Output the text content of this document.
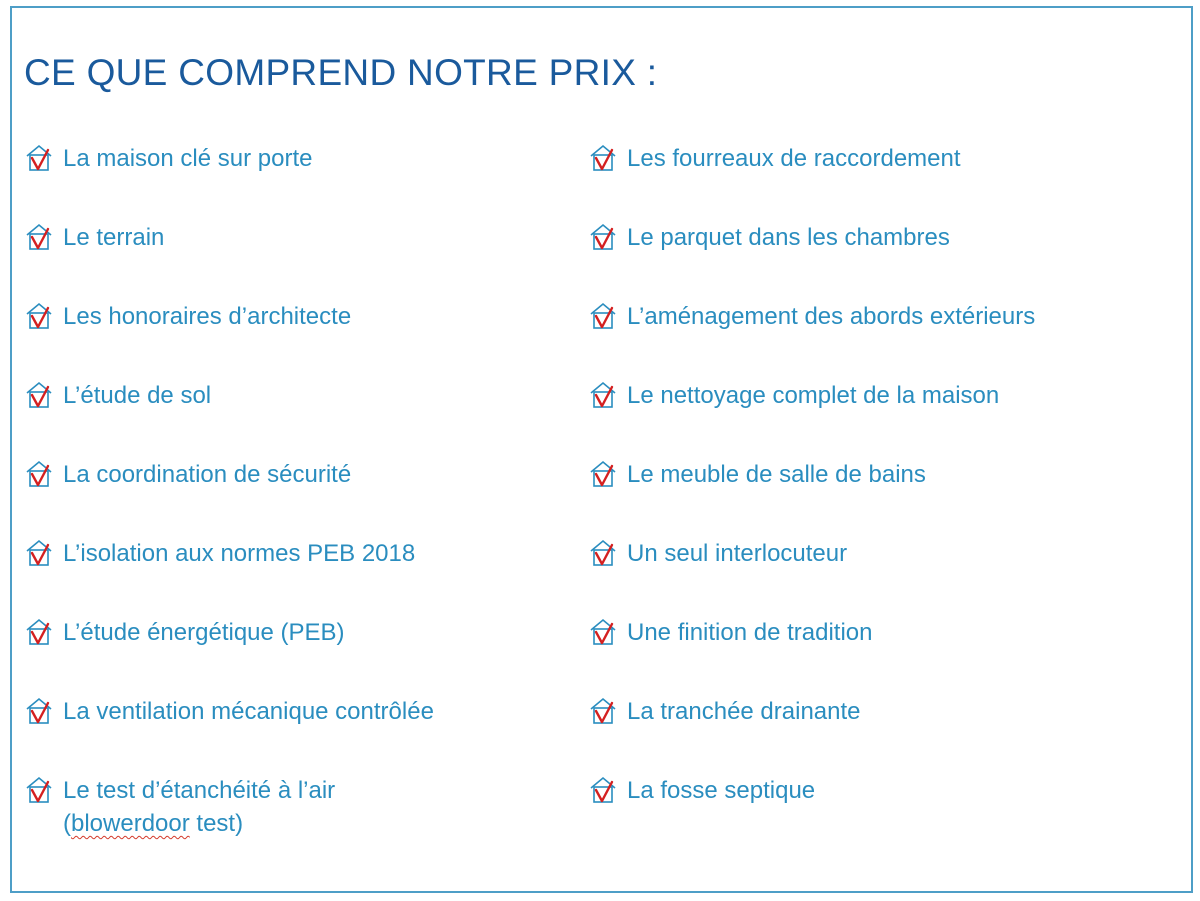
CE QUE COMPREND NOTRE PRIX :
La maison clé sur porte
Le terrain
Les honoraires d’architecte
L’étude de sol
La coordination de sécurité
L’isolation aux normes PEB 2018
L’étude énergétique (PEB)
La ventilation mécanique contrôlée
Le test d’étanchéité à l’air
(blowerdoor test)
Les fourreaux de raccordement
Le parquet dans les chambres
L’aménagement des abords extérieurs
Le nettoyage complet de la maison
Le meuble de salle de bains
Un seul interlocuteur
Une finition de tradition
La tranchée drainante
La fosse septique
